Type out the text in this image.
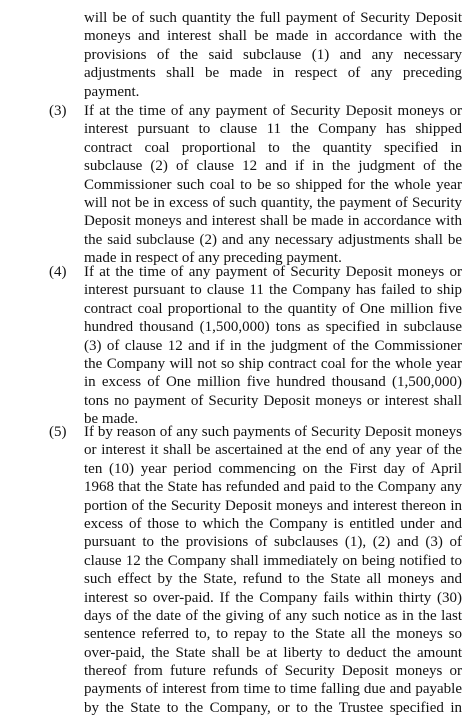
will be of such quantity the full payment of Security Deposit
moneys and interest shall be made in accordance with the
provisions of the said subclause (1) and any necessary
adjustments shall be made in respect of any preceding
payment.
(3) If at the time of any payment of Security Deposit moneys or
interest pursuant to clause 11 the Company has shipped
contract coal proportional to the quantity specified in
subclause (2) of clause 12 and if in the judgment of the
Commissioner such coal to be so shipped for the whole year
will not be in excess of such quantity, the payment of Security
Deposit moneys and interest shall be made in accordance with
the said subclause (2) and any necessary adjustments shall be
made in respect of any preceding payment.
(4) If at the time of any payment of Security Deposit moneys or
interest pursuant to clause 11 the Company has failed to ship
contract coal proportional to the quantity of One million five
hundred thousand (1,500,000) tons as specified in subclause
(3) of clause 12 and if in the judgment of the Commissioner
the Company will not so ship contract coal for the whole year
in excess of One million five hundred thousand (1,500,000)
tons no payment of Security Deposit moneys or interest shall
be made.
(5) If by reason of any such payments of Security Deposit moneys
or interest it shall be ascertained at the end of any year of the
ten (10) year period commencing on the First day of April
1968 that the State has refunded and paid to the Company any
portion of the Security Deposit moneys and interest thereon in
excess of those to which the Company is entitled under and
pursuant to the provisions of subclauses (1), (2) and (3) of
clause 12 the Company shall immediately on being notified to
such effect by the State, refund to the State all moneys and
interest so over-paid. If the Company fails within thirty (30)
days of the date of the giving of any such notice as in the last
sentence referred to, to repay to the State all the moneys so
over-paid, the State shall be at liberty to deduct the amount
thereof from future refunds of Security Deposit moneys or
payments of interest from time to time falling due and payable
by the State to the Company, or to the Trustee specified in
